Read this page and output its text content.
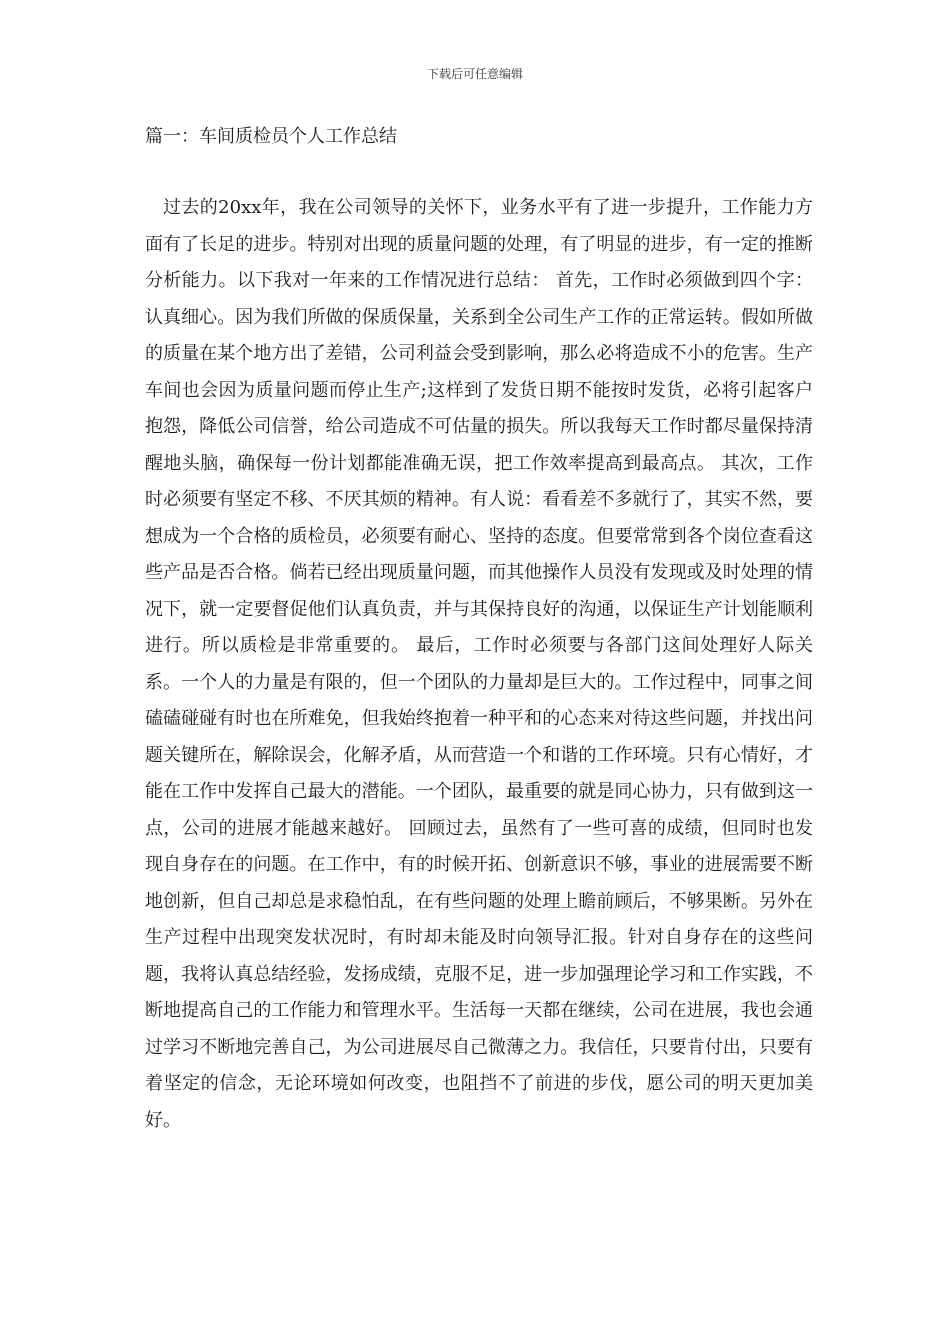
下载后可任意编辑
篇一：车间质检员个人工作总结

过去的20xx年，我在公司领导的关怀下，业务水平有了进一步提升，工作能力方面有了长足的进步。特别对出现的质量问题的处理，有了明显的进步，有一定的推断分析能力。以下我对一年来的工作情况进行总结： 首先，工作时必须做到四个字：认真细心。因为我们所做的保质保量，关系到全公司生产工作的正常运转。假如所做的质量在某个地方出了差错，公司利益会受到影响，那么必将造成不小的危害。生产车间也会因为质量问题而停止生产;这样到了发货日期不能按时发货，必将引起客户抱怨，降低公司信誉，给公司造成不可估量的损失。所以我每天工作时都尽量保持清醒地头脑，确保每一份计划都能准确无误，把工作效率提高到最高点。 其次，工作时必须要有坚定不移、不厌其烦的精神。有人说：看看差不多就行了，其实不然，要想成为一个合格的质检员，必须要有耐心、坚持的态度。但要常常到各个岗位查看这些产品是否合格。倘若已经出现质量问题，而其他操作人员没有发现或及时处理的情况下，就一定要督促他们认真负责，并与其保持良好的沟通，以保证生产计划能顺利进行。所以质检是非常重要的。 最后，工作时必须要与各部门这间处理好人际关系。一个人的力量是有限的，但一个团队的力量却是巨大的。工作过程中，同事之间磕磕碰碰有时也在所难免，但我始终抱着一种平和的心态来对待这些问题，并找出问题关键所在，解除误会，化解矛盾，从而营造一个和谐的工作环境。只有心情好，才能在工作中发挥自己最大的潜能。一个团队，最重要的就是同心协力，只有做到这一点，公司的进展才能越来越好。 回顾过去，虽然有了一些可喜的成绩，但同时也发现自身存在的问题。在工作中，有的时候开拓、创新意识不够，事业的进展需要不断地创新，但自己却总是求稳怕乱，在有些问题的处理上瞻前顾后，不够果断。另外在生产过程中出现突发状况时，有时却未能及时向领导汇报。针对自身存在的这些问题，我将认真总结经验，发扬成绩，克服不足，进一步加强理论学习和工作实践，不断地提高自己的工作能力和管理水平。生活每一天都在继续，公司在进展，我也会通过学习不断地完善自己，为公司进展尽自己微薄之力。我信任，只要肯付出，只要有着坚定的信念，无论环境如何改变，也阻挡不了前进的步伐，愿公司的明天更加美好。
